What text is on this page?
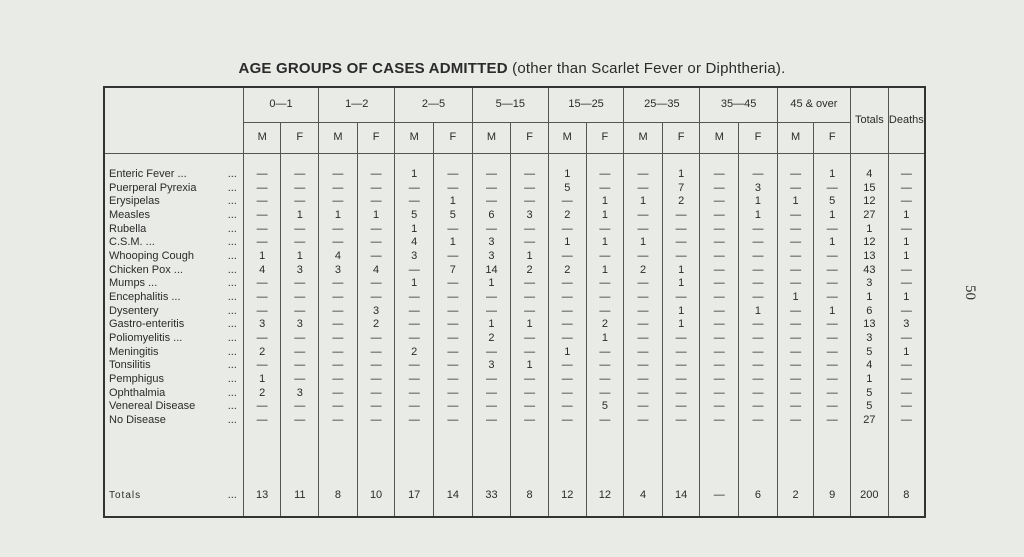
AGE GROUPS OF CASES ADMITTED (other than Scarlet Fever or Diphtheria).
50
	0—1		1—2		2—5		5—15		15—25		25—35		35—45		45 & over		Totals	Deaths
	M	F	M	F	M	F	M	F	M	F	M	F	M	F	M	F		

Enteric Fever ... ...	—	—	—	—	1	—	—	—	1	—	—	1	—	—	—	1	4	—
Puerperal Pyrexia ...	—	—	—	—	—	—	—	—	5	—	—	7	—	3	—	—	15	—
Erysipelas ...	—	—	—	—	—	1	—	—	—	1	1	2	—	1	1	5	12	—
Measles ...	—	1	1	1	5	5	6	3	2	1	—	—	—	1	—	1	27	1
Rubella ...	—	—	—	—	1	—	—	—	—	—	—	—	—	—	—	—	1	—
C.S.M. ... ...	—	—	—	—	4	1	3	—	1	1	1	—	—	—	—	1	12	1
Whooping Cough ...	1	1	4	—	3	—	3	1	—	—	—	—	—	—	—	—	13	1
Chicken Pox ... ...	4	3	3	4	—	7	14	2	2	1	2	1	—	—	—	—	43	—
Mumps ... ...	—	—	—	—	1	—	1	—	—	—	—	1	—	—	—	—	3	—
Encephalitis ... ...	—	—	—	—	—	—	—	—	—	—	—	—	—	—	1	—	1	1
Dysentery ...	—	—	—	3	—	—	—	—	—	—	—	1	—	1	—	1	6	—
Gastro-enteritis ...	3	3	—	2	—	—	1	1	—	2	—	1	—	—	—	—	13	3
Poliomyelitis ... ...	—	—	—	—	—	—	2	—	—	1	—	—	—	—	—	—	3	—
Meningitis ...	2	—	—	—	2	—	—	—	1	—	—	—	—	—	—	—	5	1
Tonsilitis ...	—	—	—	—	—	—	3	1	—	—	—	—	—	—	—	—	4	—
Pemphigus ...	1	—	—	—	—	—	—	—	—	—	—	—	—	—	—	—	1	—
Ophthalmia ...	2	3	—	—	—	—	—	—	—	—	—	—	—	—	—	—	5	—
Venereal Disease ...	—	—	—	—	—	—	—	—	—	5	—	—	—	—	—	—	5	—
No Disease ...	—	—	—	—	—	—	—	—	—	—	—	—	—	—	—	—	27	—

Totals ...	13	11	8	10	17	14	33	8	12	12	4	14	—	6	2	9	200	8
